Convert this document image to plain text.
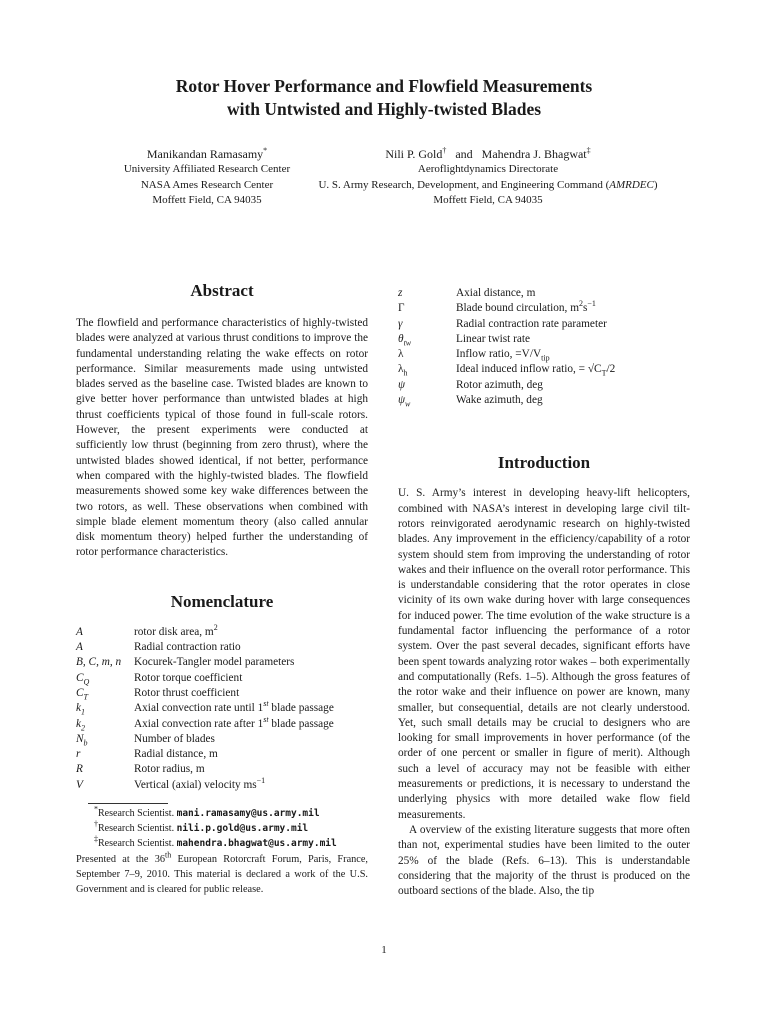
Rotor Hover Performance and Flowfield Measurements
with Untwisted and Highly-twisted Blades
Manikandan Ramasamy*
University Affiliated Research Center
NASA Ames Research Center
Moffett Field, CA 94035
Nili P. Gold† and Mahendra J. Bhagwat‡
Aeroflightdynamics Directorate
U. S. Army Research, Development, and Engineering Command (AMRDEC)
Moffett Field, CA 94035
Abstract

The flowfield and performance characteristics of highly-twisted blades were analyzed at various thrust conditions to improve the fundamental understanding relating the wake effects on rotor performance. Similar measurements made using untwisted blades served as the baseline case. Twisted blades are known to give better hover performance than untwisted blades at high thrust coefficients typical of those found in full-scale rotors. However, the present experiments were conducted at sufficiently low thrust (beginning from zero thrust), where the untwisted blades showed identical, if not better, performance when compared with the highly-twisted blades. The flowfield measurements showed some key wake differences between the two rotors, as well. These observations when combined with simple blade element momentum theory (also called annular disk momentum theory) helped further the understanding of rotor performance characteristics.

Nomenclature
A	rotor disk area, $m^2$
A	Radial contraction ratio
B, C, m, n	Kocurek-Tangler model parameters
$C_Q$	Rotor torque coefficient
$C_T$	Rotor thrust coefficient
$k_1$	Axial convection rate until 1st blade passage
$k_2$	Axial convection rate after 1st blade passage
$N_b$	Number of blades
r	Radial distance, m
R	Rotor radius, m
V	Vertical (axial) velocity $ms^{-1}$
*Research Scientist. mani.ramasamy@us.army.mil
†Research Scientist. nili.p.gold@us.army.mil
‡Research Scientist. mahendra.bhagwat@us.army.mil

Presented at the 36th European Rotorcraft Forum, Paris, France, September 7–9, 2010. This material is declared a work of the U.S. Government and is cleared for public release.

z	Axial distance, m
Γ	Blade bound circulation, $m^2s^{-1}$
γ	Radial contraction rate parameter
$\theta_{tw}$	Linear twist rate
λ	Inflow ratio, $=V/V_{tip}$
$\lambda_h$	Ideal induced inflow ratio, = $√C_T/2$
ψ	Rotor azimuth, deg
$\psi_w$	Wake azimuth, deg
Introduction

U. S. Army’s interest in developing heavy-lift helicopters, combined with NASA’s interest in developing large civil tilt-rotors reinvigorated aerodynamic research on highly-twisted blades. Any improvement in the efficiency/capability of a rotor system should stem from improving the understanding of rotor wakes and their influence on the overall rotor performance. This is understandable considering that the rotor operates in close vicinity of its own wake during hover with large consequences for induced power. The time evolution of the wake structure is a fundamental factor influencing the performance of a rotor system. Over the past several decades, significant efforts have been spent towards analyzing rotor wakes – both experimentally and computationally (Refs. 1–5). Although the gross features of the rotor wake and their influence on power are known, many smaller, but consequential, details are not clearly understood. Yet, such small details may be crucial to designers who are looking for small improvements in hover performance (of the order of one percent or smaller in figure of merit). Although such a level of accuracy may not be feasible with either measurements or predictions, it is necessary to understand the underlying physics with more detailed wake flow field measurements.

A overview of the existing literature suggests that more often than not, experimental studies have been limited to the outer 25% of the blade (Refs. 6–13). This is understandable considering that the majority of the thrust is produced on the outboard sections of the blade. Also, the tip

1
